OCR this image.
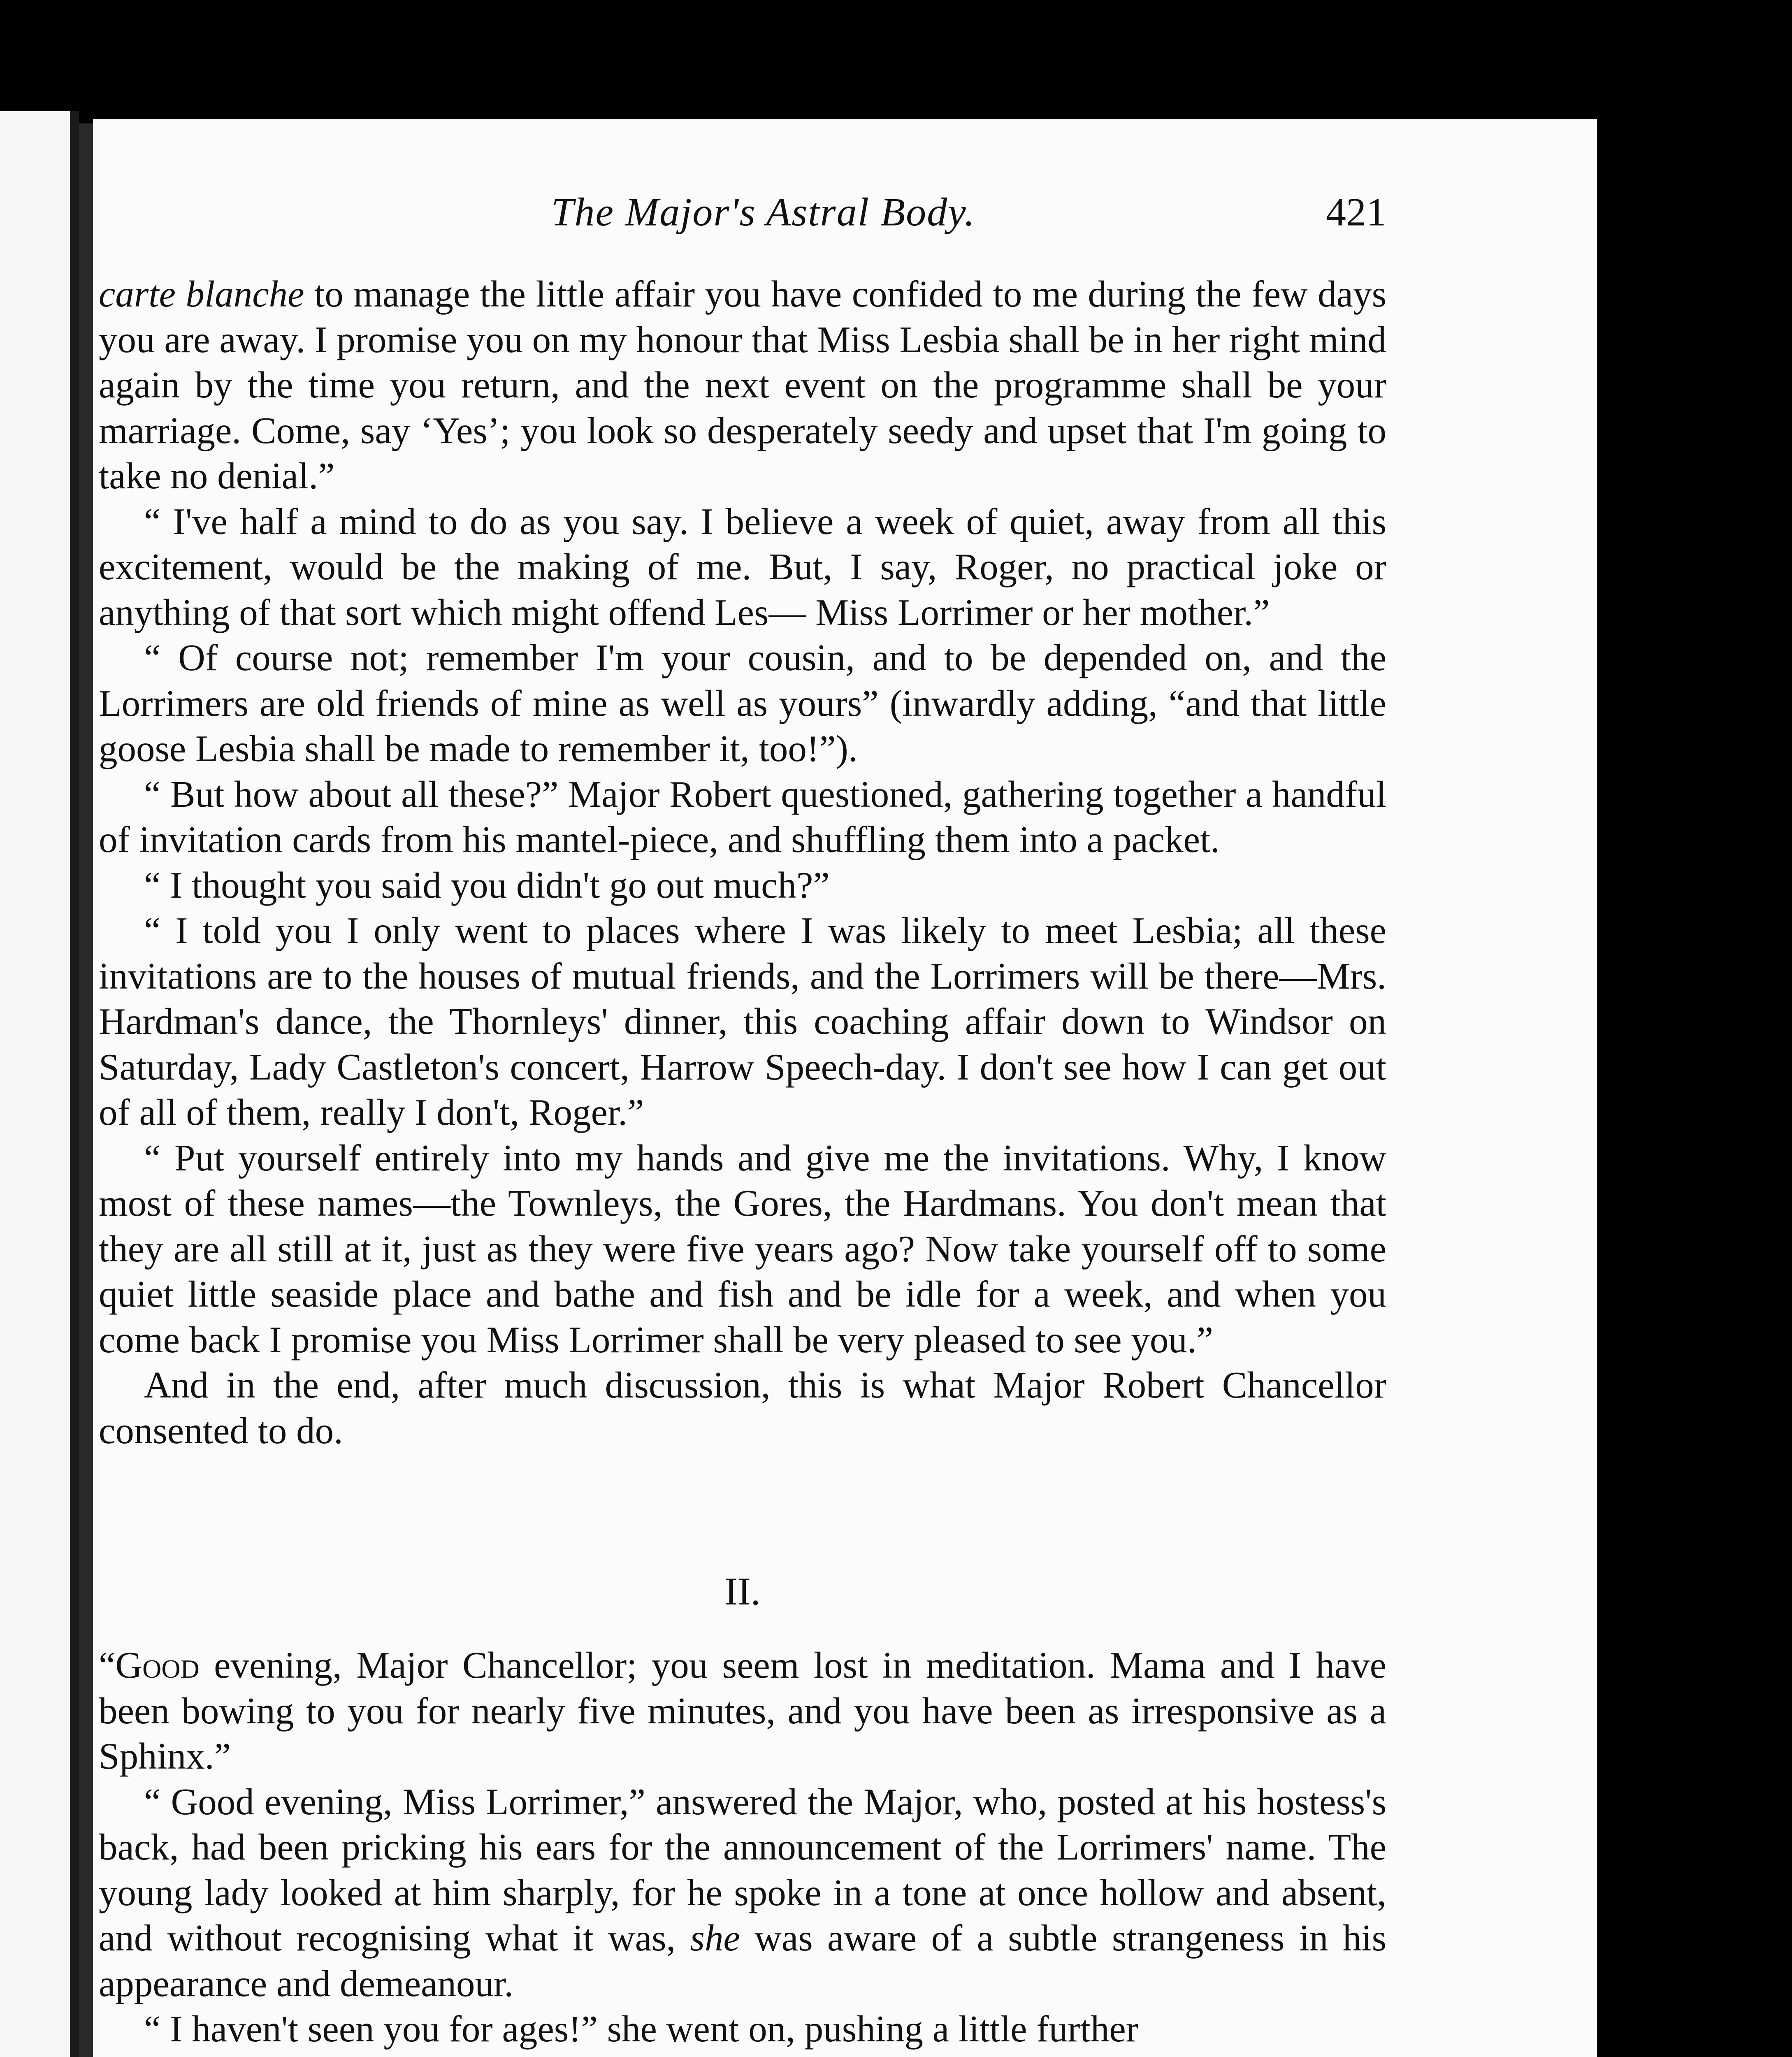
The Major's Astral Body.	421

carte blanche to manage the little affair you have confided to me during the few days you are away. I promise you on my honour that Miss Lesbia shall be in her right mind again by the time you return, and the next event on the programme shall be your marriage. Come, say ‘Yes’; you look so desperately seedy and upset that I'm going to take no denial.”

“ I've half a mind to do as you say. I believe a week of quiet, away from all this excitement, would be the making of me. But, I say, Roger, no practical joke or anything of that sort which might offend Les— Miss Lorrimer or her mother.”

“ Of course not; remember I'm your cousin, and to be depended on, and the Lorrimers are old friends of mine as well as yours” (inwardly adding, “and that little goose Lesbia shall be made to remember it, too!”).

“ But how about all these?” Major Robert questioned, gathering together a handful of invitation cards from his mantel-piece, and shuffling them into a packet.

“ I thought you said you didn't go out much?”

“ I told you I only went to places where I was likely to meet Lesbia; all these invitations are to the houses of mutual friends, and the Lorrimers will be there—Mrs. Hardman's dance, the Thornleys' dinner, this coaching affair down to Windsor on Saturday, Lady Castleton's concert, Harrow Speech-day. I don't see how I can get out of all of them, really I don't, Roger.”

“ Put yourself entirely into my hands and give me the invitations. Why, I know most of these names—the Townleys, the Gores, the Hardmans. You don't mean that they are all still at it, just as they were five years ago? Now take yourself off to some quiet little seaside place and bathe and fish and be idle for a week, and when you come back I promise you Miss Lorrimer shall be very pleased to see you.”

And in the end, after much discussion, this is what Major Robert Chancellor consented to do.

II.

“Good evening, Major Chancellor; you seem lost in meditation. Mama and I have been bowing to you for nearly five minutes, and you have been as irresponsive as a Sphinx.”

“ Good evening, Miss Lorrimer,” answered the Major, who, posted at his hostess's back, had been pricking his ears for the announcement of the Lorrimers' name. The young lady looked at him sharply, for he spoke in a tone at once hollow and absent, and without recognising what it was, she was aware of a subtle strangeness in his appearance and demeanour.

“ I haven't seen you for ages!” she went on, pushing a little further
